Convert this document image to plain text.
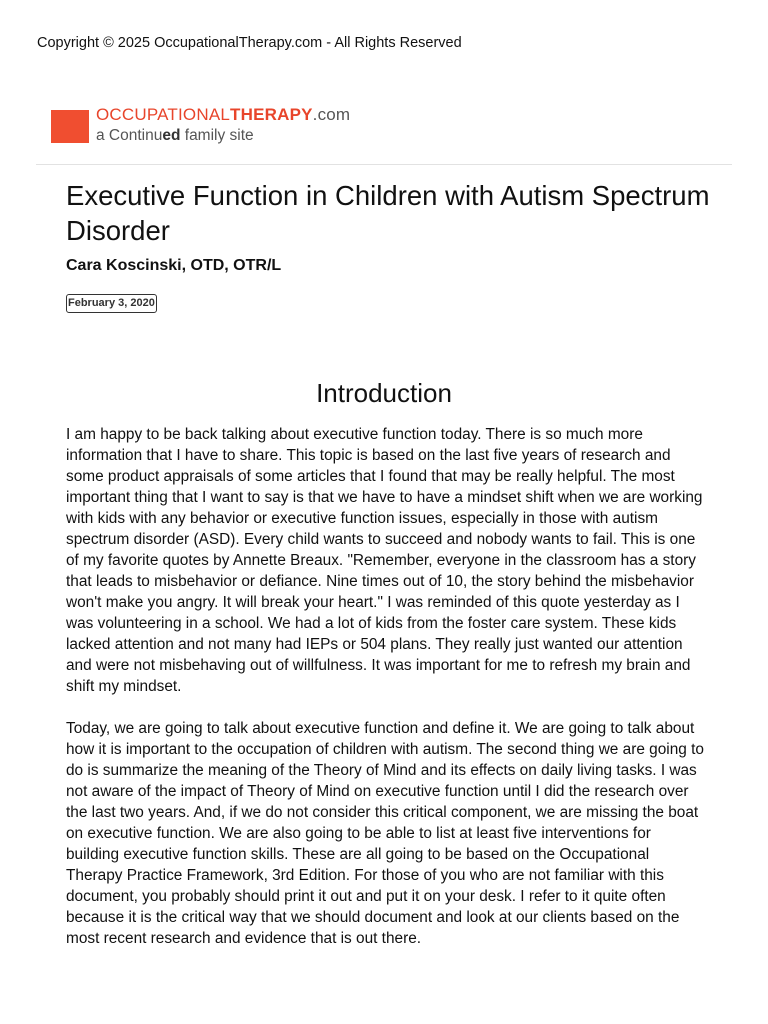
Copyright © 2025 OccupationalTherapy.com - All Rights Reserved
OCCUPATIONALTHERAPY.com
a Continued family site
Executive Function in Children with Autism Spectrum Disorder
Cara Koscinski, OTD, OTR/L
February 3, 2020
Introduction

I am happy to be back talking about executive function today. There is so much more information that I have to share. This topic is based on the last five years of research and some product appraisals of some articles that I found that may be really helpful. The most important thing that I want to say is that we have to have a mindset shift when we are working with kids with any behavior or executive function issues, especially in those with autism spectrum disorder (ASD). Every child wants to succeed and nobody wants to fail. This is one of my favorite quotes by Annette Breaux. "Remember, everyone in the classroom has a story that leads to misbehavior or defiance. Nine times out of 10, the story behind the misbehavior won't make you angry. It will break your heart." I was reminded of this quote yesterday as I was volunteering in a school. We had a lot of kids from the foster care system. These kids lacked attention and not many had IEPs or 504 plans. They really just wanted our attention and were not misbehaving out of willfulness. It was important for me to refresh my brain and shift my mindset.

Today, we are going to talk about executive function and define it. We are going to talk about how it is important to the occupation of children with autism. The second thing we are going to do is summarize the meaning of the Theory of Mind and its effects on daily living tasks. I was not aware of the impact of Theory of Mind on executive function until I did the research over the last two years. And, if we do not consider this critical component, we are missing the boat on executive function. We are also going to be able to list at least five interventions for building executive function skills. These are all going to be based on the Occupational Therapy Practice Framework, 3rd Edition. For those of you who are not familiar with this document, you probably should print it out and put it on your desk. I refer to it quite often because it is the critical way that we should document and look at our clients based on the most recent research and evidence that is out there.
